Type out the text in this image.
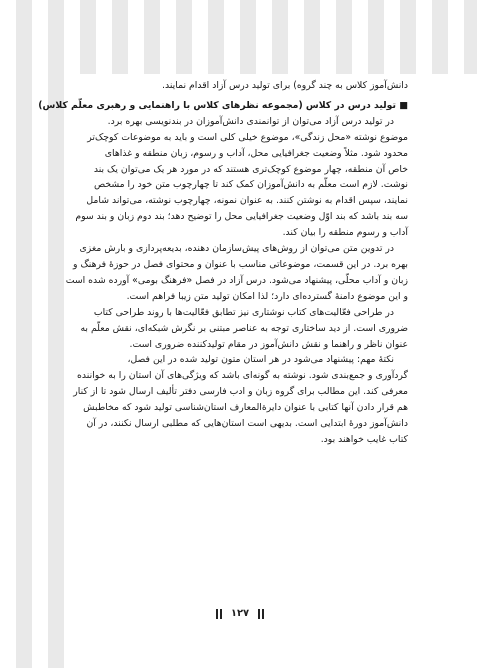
دانش‌آموز کلاس به چند گروه) برای تولید درس آزاد اقدام نمایند.
■ تولید درس در کلاس (مجموعه نظرهای کلاس با راهنمایی و رهبری معلّم کلاس)
در تولید درس آزاد می‌توان از توانمندی دانش‌آموزان در بندنویسی بهره برد.
موضوع نوشته «محل زندگی»، موضوع خیلی کلی است و باید به موضوعات کوچک‌تر
محدود شود. مثلاً وضعیت جغرافیایی محل، آداب و رسوم، زبان منطقه و غذاهای
خاص آن منطقه، چهار موضوع کوچک‌تری هستند که در مورد هر یک می‌توان یک بند
نوشت. لازم است معلّم به دانش‌آموزان کمک کند تا چهارچوب متن خود را مشخص
نمایند، سپس اقدام به نوشتن کنند. به عنوان نمونه، چهارچوب نوشته، می‌تواند شامل
سه بند باشد که بند اوّل وضعیت جغرافیایی محل را توضیح دهد؛ بند دوم زبان و بند سوم
آداب و رسوم منطقه را بیان کند.
در تدوین متن می‌توان از روش‌های پیش‌سازمان دهنده، بدیعه‌پردازی و بارش مغزی
بهره برد. در این قسمت، موضوعاتی مناسب با عنوان و محتوای فصل در حوزۀ فرهنگ و
زبان و آداب محلّی، پیشنهاد می‌شود. درس آزاد در فصل «فرهنگ بومی» آورده شده است
و این موضوع دامنۀ گسترده‌ای دارد؛ لذا امکان تولید متن زیبا فراهم است.
در طراحی فعّالیت‌های کتاب نوشتاری نیز تطابق فعّالیت‌ها با روند طراحی کتاب
ضروری است. از دید ساختاری توجه به عناصر مبتنی بر نگرش شبکه‌ای، نقش معلّم به
عنوان ناظر و راهنما و نقش دانش‌آموز در مقام تولیدکننده ضروری است.
نکتۀ مهم: پیشنهاد می‌شود در هر استان متون تولید شده در این فصل،
گردآوری و جمع‌بندی شود. نوشته به گونه‌ای باشد که ویژگی‌های آن استان را به خواننده
معرفی کند. این مطالب برای گروه زبان و ادب فارسی دفتر تألیف ارسال شود تا از کنار
هم قرار دادن آنها کتابی با عنوان دایرةالمعارف استان‌شناسی تولید شود که مخاطبش
دانش‌آموز دورۀ ابتدایی است. بدیهی است استان‌هایی که مطلبی ارسال نکنند، در آن
کتاب غایب خواهند بود.
۱۲۷
